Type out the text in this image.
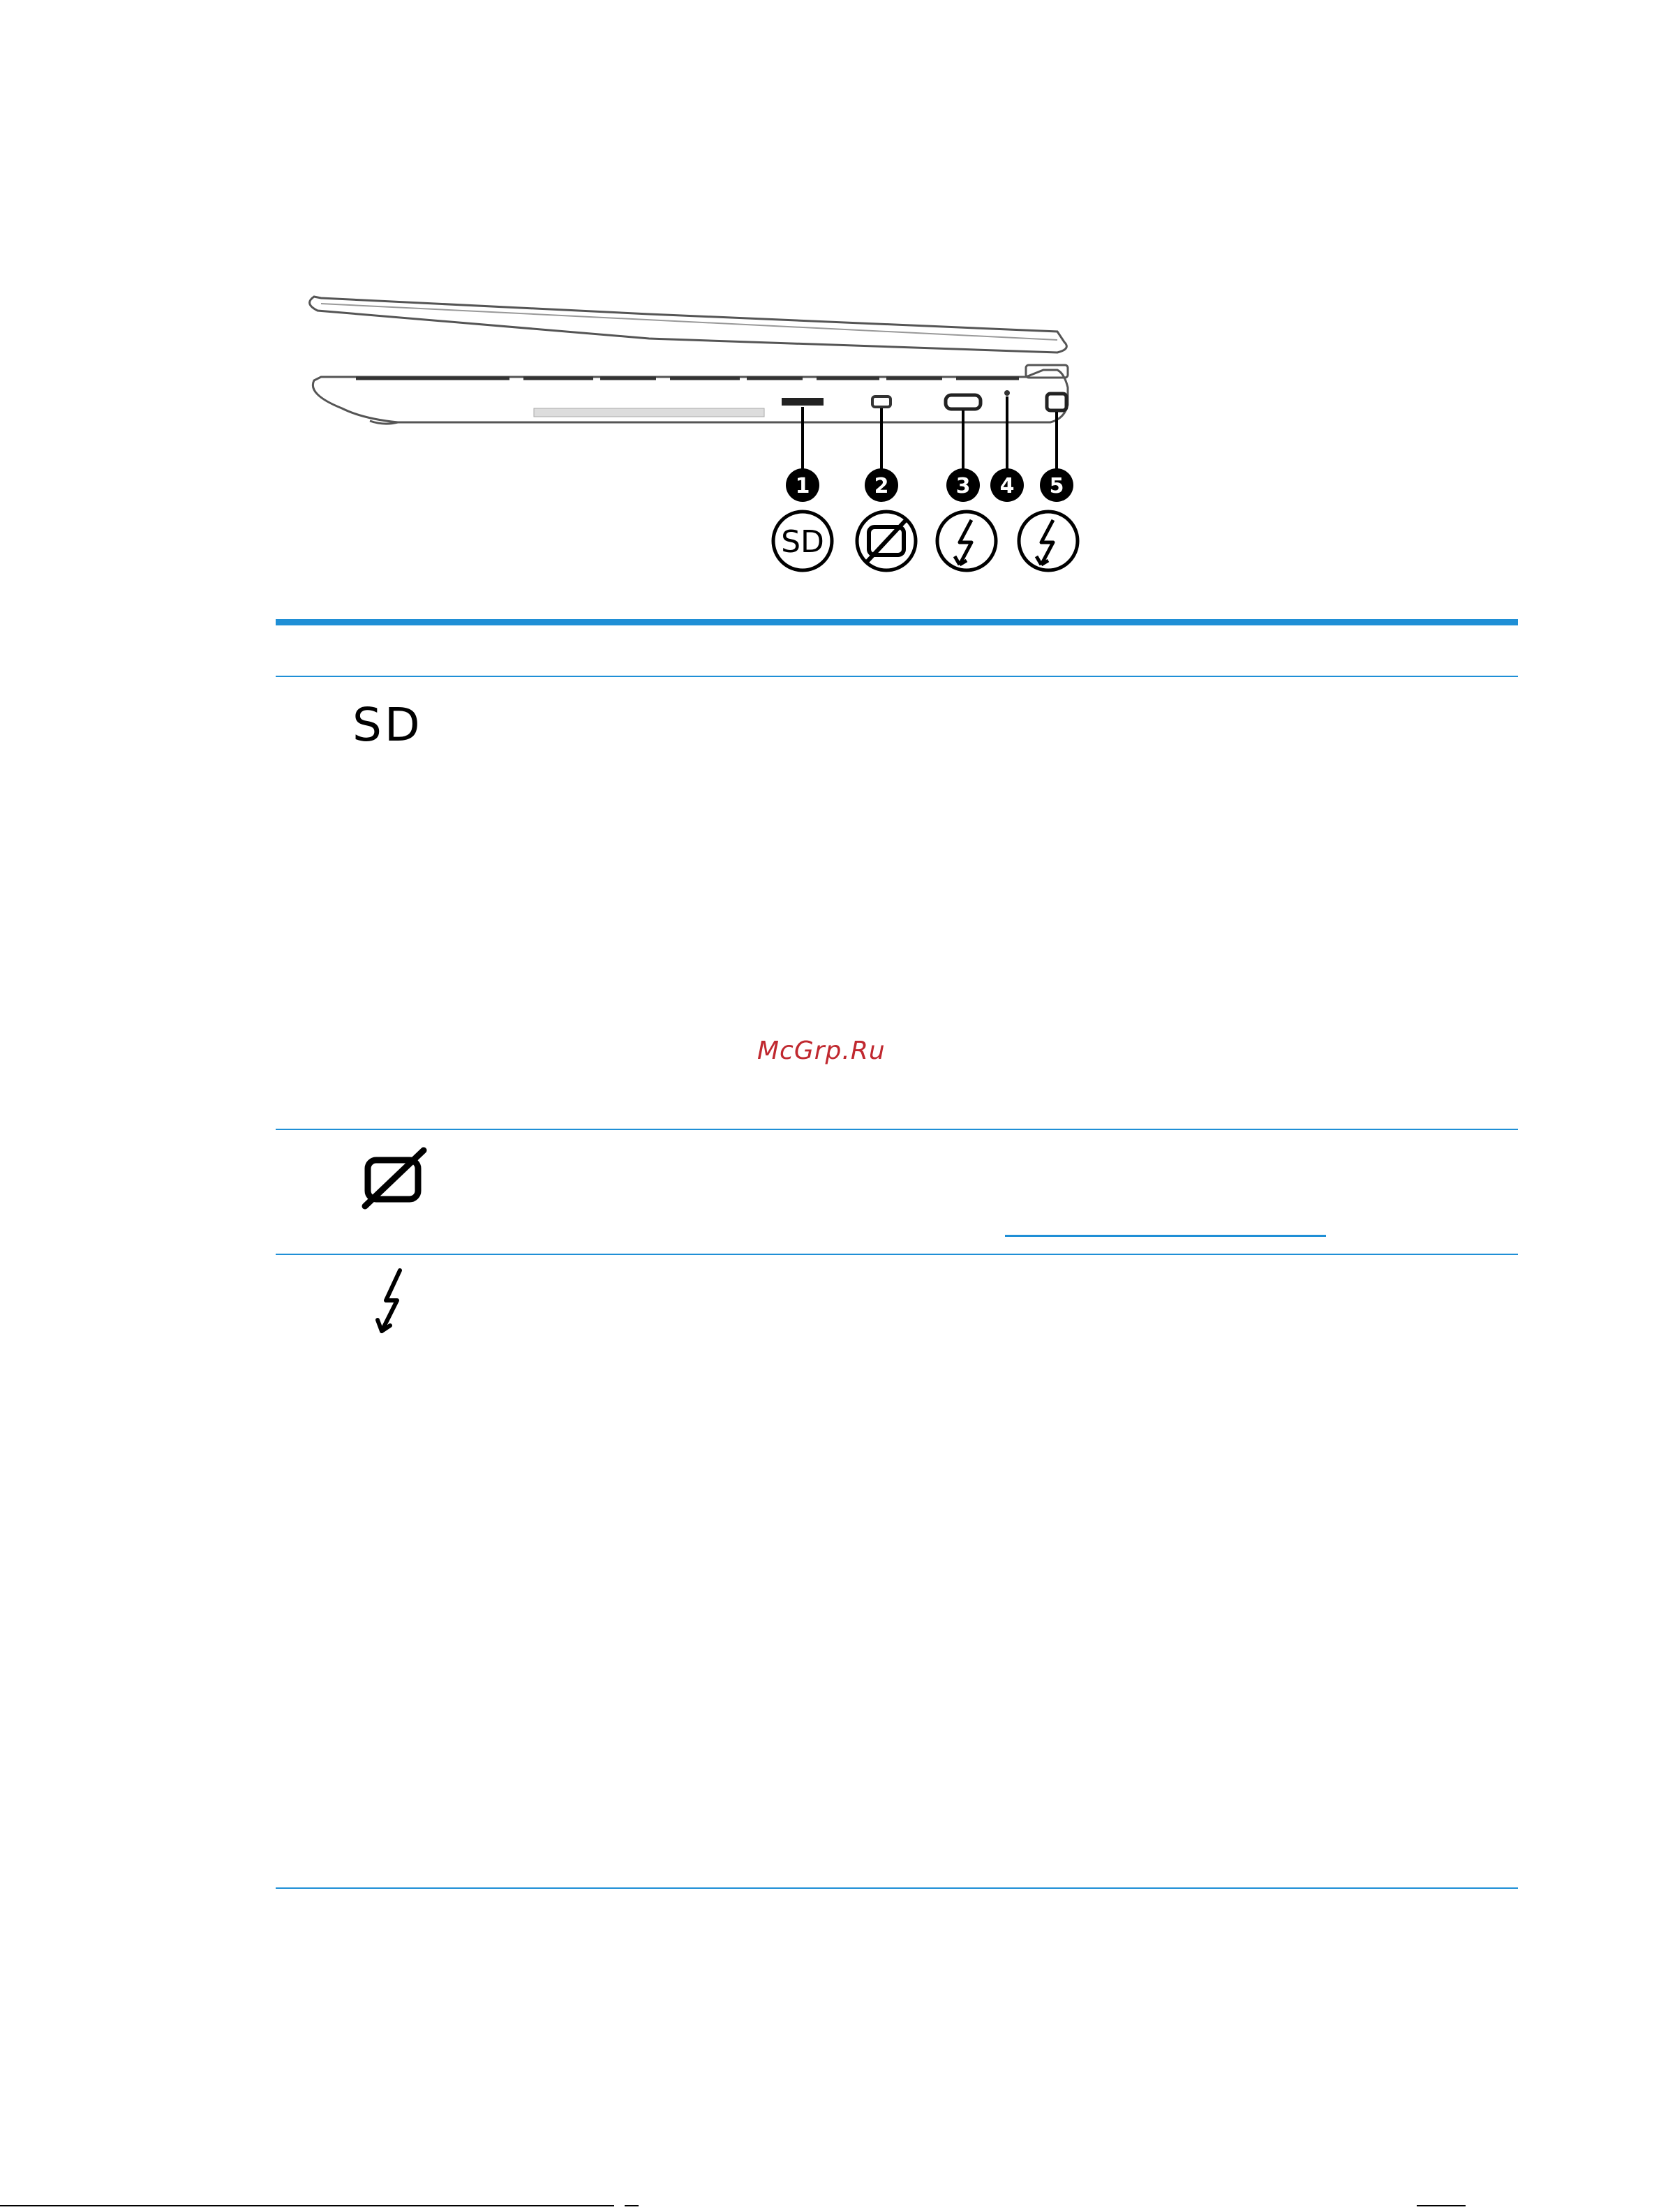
1	2	3 4 5
SD
SD
McGrp.Ru
